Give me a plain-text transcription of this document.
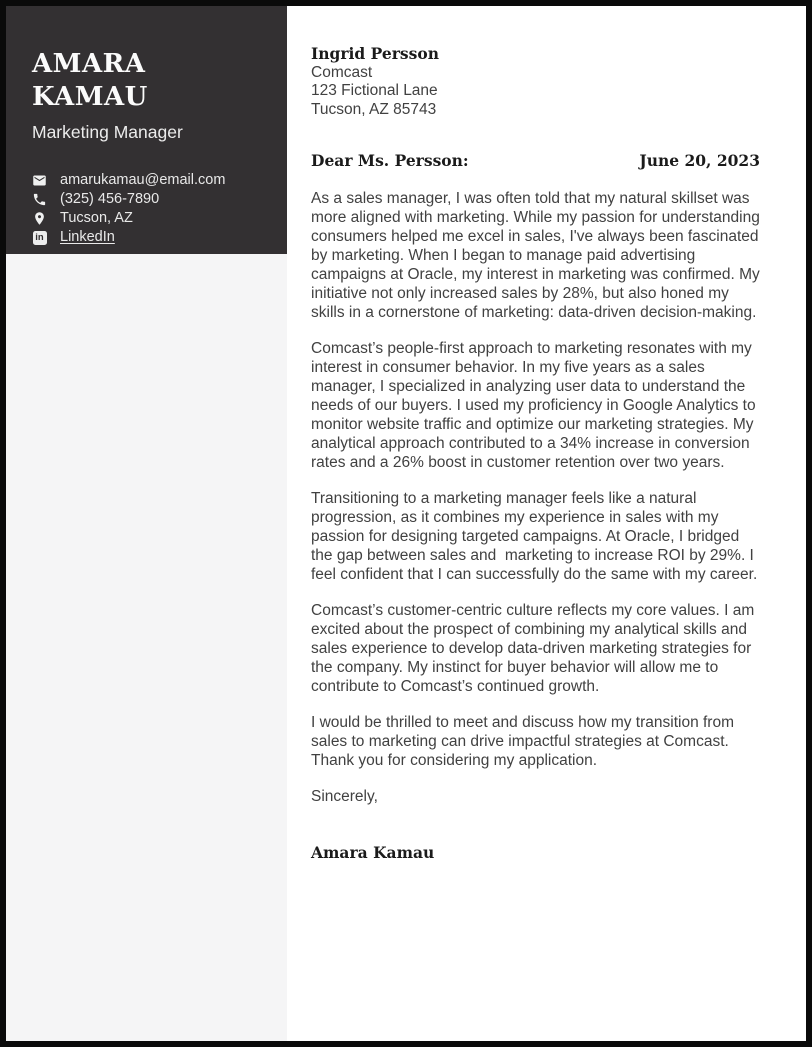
AMARA KAMAU
Marketing Manager
amarukamau@email.com
(325) 456-7890
Tucson, AZ
in LinkedIn
Ingrid Persson
Comcast
123 Fictional Lane
Tucson, AZ 85743
Dear Ms. Persson:	June 20, 2023

As a sales manager, I was often told that my natural skillset was more aligned with marketing. While my passion for understanding consumers helped me excel in sales, I've always been fascinated by marketing. When I began to manage paid advertising campaigns at Oracle, my interest in marketing was confirmed. My initiative not only increased sales by 28%, but also honed my skills in a cornerstone of marketing: data-driven decision-making.

Comcast’s people-first approach to marketing resonates with my interest in consumer behavior. In my five years as a sales manager, I specialized in analyzing user data to understand the needs of our buyers. I used my proficiency in Google Analytics to monitor website traffic and optimize our marketing strategies. My analytical approach contributed to a 34% increase in conversion rates and a 26% boost in customer retention over two years.

Transitioning to a marketing manager feels like a natural progression, as it combines my experience in sales with my passion for designing targeted campaigns. At Oracle, I bridged the gap between sales and  marketing to increase ROI by 29%. I feel confident that I can successfully do the same with my career.

Comcast’s customer-centric culture reflects my core values. I am excited about the prospect of combining my analytical skills and sales experience to develop data-driven marketing strategies for the company. My instinct for buyer behavior will allow me to contribute to Comcast’s continued growth.

I would be thrilled to meet and discuss how my transition from sales to marketing can drive impactful strategies at Comcast. Thank you for considering my application.

Sincerely,
Amara Kamau
